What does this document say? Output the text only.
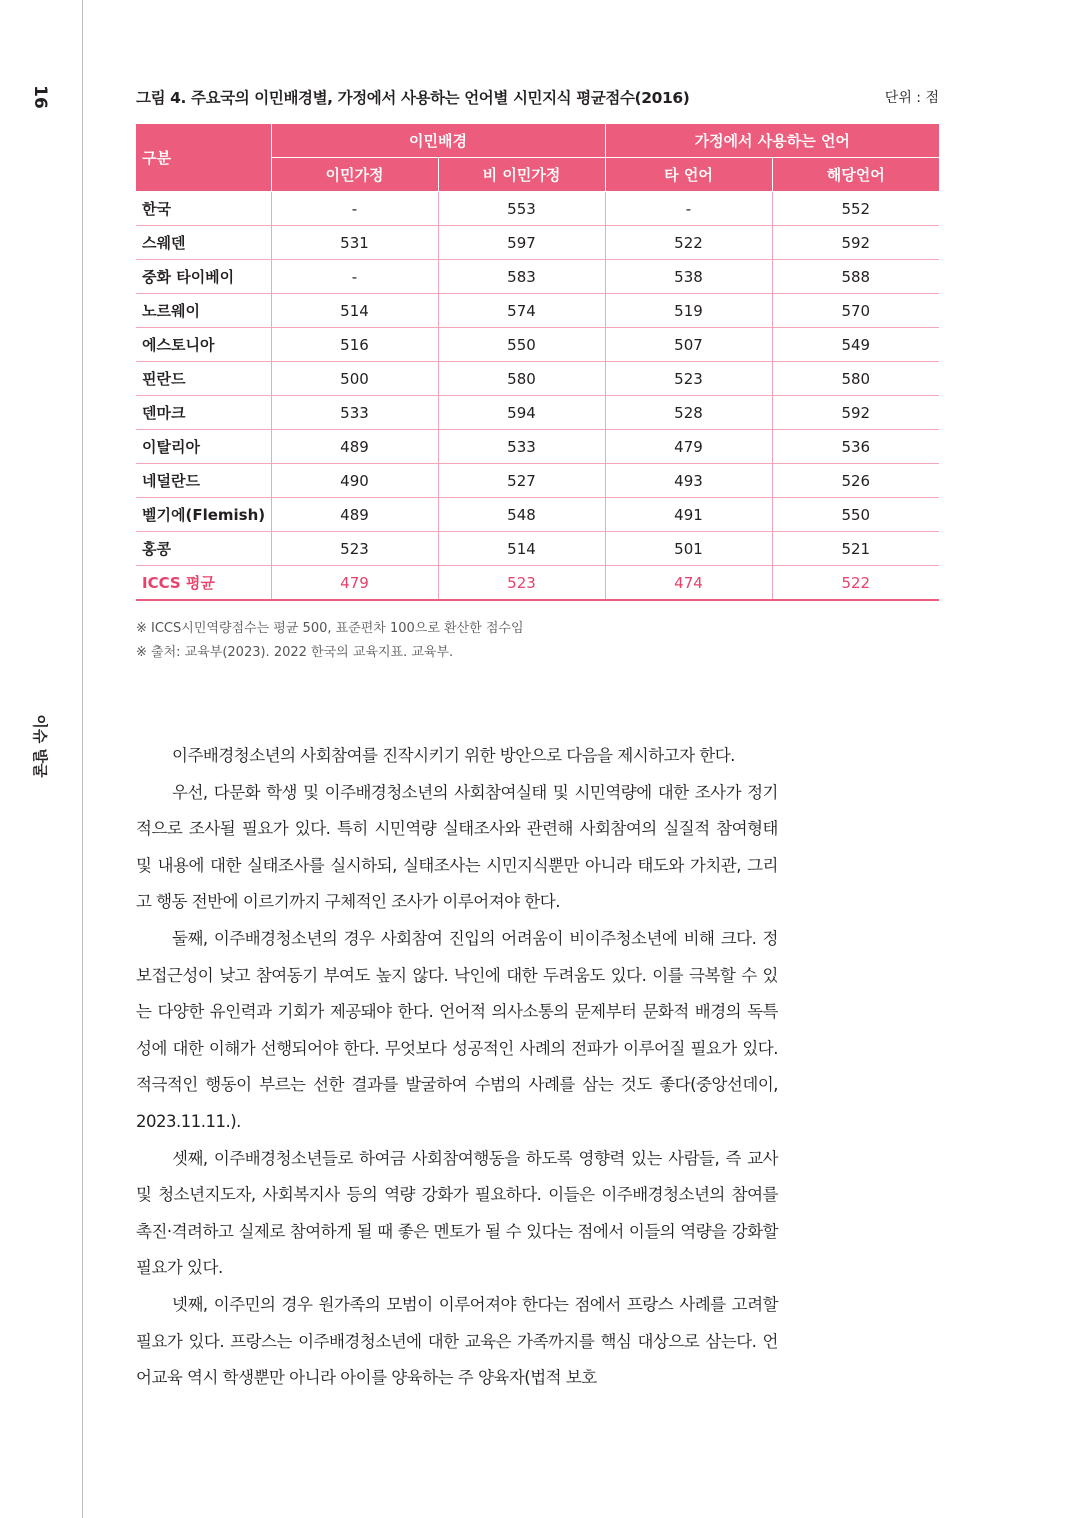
16
이슈 발굴
그림 4. 주요국의 이민배경별, 가정에서 사용하는 언어별 시민지식 평균점수(2016)	단위 : 점
구분	이민배경		가정에서 사용하는 언어	
	이민가정	비 이민가정	타 언어	해당언어
한국	-	553	-	552
스웨덴	531	597	522	592
중화 타이베이	-	583	538	588
노르웨이	514	574	519	570
에스토니아	516	550	507	549
핀란드	500	580	523	580
덴마크	533	594	528	592
이탈리아	489	533	479	536
네덜란드	490	527	493	526
벨기에(Flemish)	489	548	491	550
홍콩	523	514	501	521
ICCS 평균	479	523	474	522
※ ICCS시민역량점수는 평균 500, 표준편차 100으로 환산한 점수임
※ 출처: 교육부(2023). 2022 한국의 교육지표. 교육부.

이주배경청소년의 사회참여를 진작시키기 위한 방안으로 다음을 제시하고자 한다.

우선, 다문화 학생 및 이주배경청소년의 사회참여실태 및 시민역량에 대한 조사가 정기적으로 조사될 필요가 있다. 특히 시민역량 실태조사와 관련해 사회참여의 실질적 참여형태 및 내용에 대한 실태조사를 실시하되, 실태조사는 시민지식뿐만 아니라 태도와 가치관, 그리고 행동 전반에 이르기까지 구체적인 조사가 이루어져야 한다.

둘째, 이주배경청소년의 경우 사회참여 진입의 어려움이 비이주청소년에 비해 크다. 정보접근성이 낮고 참여동기 부여도 높지 않다. 낙인에 대한 두려움도 있다. 이를 극복할 수 있는 다양한 유인력과 기회가 제공돼야 한다. 언어적 의사소통의 문제부터 문화적 배경의 독특성에 대한 이해가 선행되어야 한다. 무엇보다 성공적인 사례의 전파가 이루어질 필요가 있다. 적극적인 행동이 부르는 선한 결과를 발굴하여 수범의 사례를 삼는 것도 좋다(중앙선데이, 2023.11.11.).

셋째, 이주배경청소년들로 하여금 사회참여행동을 하도록 영향력 있는 사람들, 즉 교사 및 청소년지도자, 사회복지사 등의 역량 강화가 필요하다. 이들은 이주배경청소년의 참여를 촉진·격려하고 실제로 참여하게 될 때 좋은 멘토가 될 수 있다는 점에서 이들의 역량을 강화할 필요가 있다.

넷째, 이주민의 경우 원가족의 모범이 이루어져야 한다는 점에서 프랑스 사례를 고려할 필요가 있다. 프랑스는 이주배경청소년에 대한 교육은 가족까지를 핵심 대상으로 삼는다. 언어교육 역시 학생뿐만 아니라 아이를 양육하는 주 양육자(법적 보호
